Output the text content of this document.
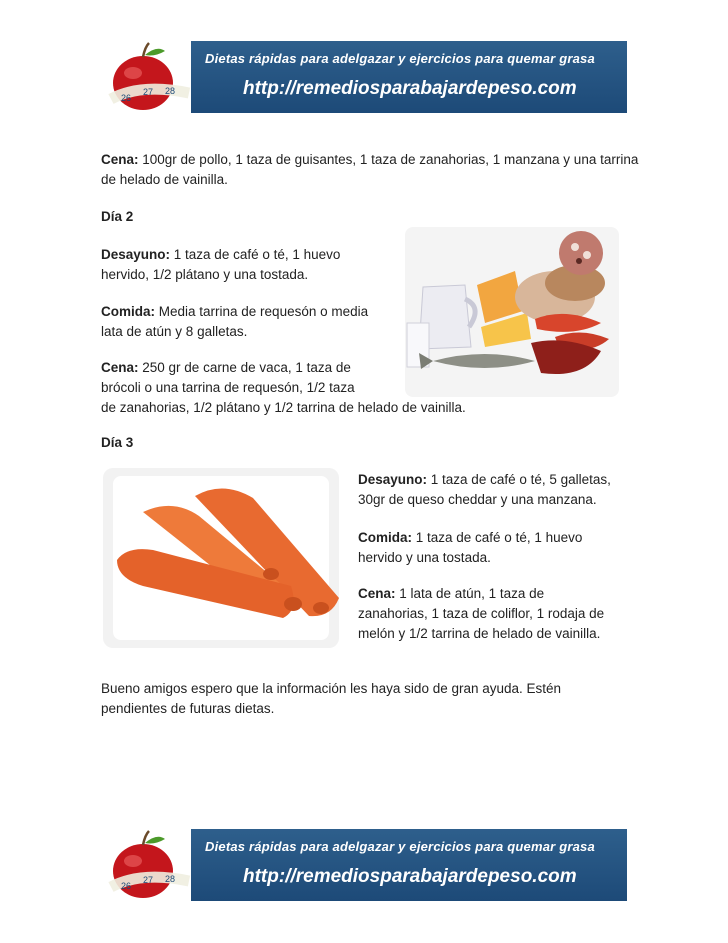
26
27 28
Dietas rápidas para adelgazar y ejercicios para quemar grasa
http://remediosparabajardepeso.com

Cena: 100gr de pollo, 1 taza de guisantes, 1 taza de zanahorias, 1 manzana y una tarrina de helado de vainilla.

Día 2
Desayuno: 1 taza de café o té, 1 huevo
hervido, 1/2 plátano y una tostada.
Comida: Media tarrina de requesón o media
lata de atún y 8 galletas.
Cena: 250 gr de carne de vaca, 1 taza de
brócoli o una tarrina de requesón, 1/2 taza
de zanahorias, 1/2 plátano y 1/2 tarrina de helado de vainilla.
Día 3
Desayuno: 1 taza de café o té, 5 galletas,
30gr de queso cheddar y una manzana.
Comida: 1 taza de café o té, 1 huevo
hervido y una tostada.
Cena: 1 lata de atún, 1 taza de
zanahorias, 1 taza de coliflor, 1 rodaja de
melón y 1/2 tarrina de helado de vainilla.
Bueno amigos espero que la información les haya sido de gran ayuda. Estén
pendientes de futuras dietas.
26
27 28
Dietas rápidas para adelgazar y ejercicios para quemar grasa
http://remediosparabajardepeso.com
